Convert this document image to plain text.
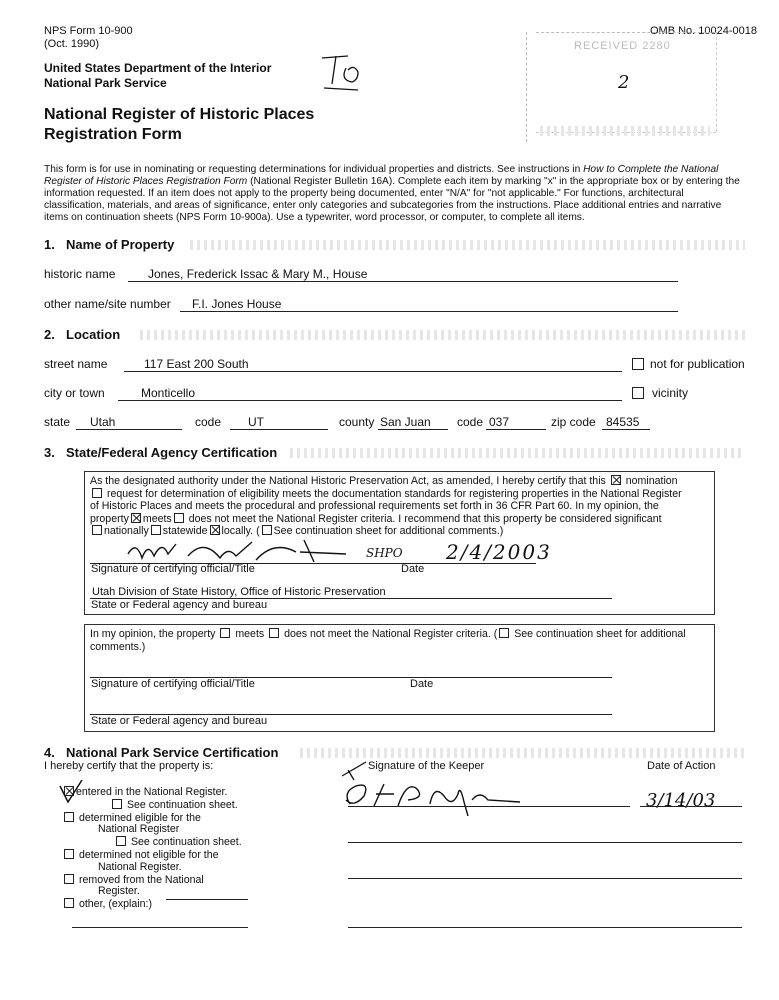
NPS Form 10-900
(Oct. 1990)
OMB No. 10024-0018
United States Department of the Interior
National Park Service
National Register of Historic Places
Registration Form
RECEIVED 2280
2
This form is for use in nominating or requesting determinations for individual properties and districts. See instructions in How to Complete the National Register of Historic Places Registration Form (National Register Bulletin 16A). Complete each item by marking "x" in the appropriate box or by entering the information requested. If an item does not apply to the property being documented, enter "N/A" for "not applicable." For functions, architectural classification, materials, and areas of significance, enter only categories and subcategories from the instructions. Place additional entries and narrative items on continuation sheets (NPS Form 10-900a). Use a typewriter, word processor, or computer, to complete all items.
1. Name of Property
historic name	Jones, Frederick Issac & Mary M., House
other name/site number F.I. Jones House
2. Location
street name	117 East 200 South	not for publication
city or town	Monticello	vicinity
state Utah	code UT	county San Juan code 037	zip code 84535
3. State/Federal Agency Certification
As the designated authority under the National Historic Preservation Act, as amended, I hereby certify that this nomination
request for determination of eligibility meets the documentation standards for registering properties in the National Register
of Historic Places and meets the procedural and professional requirements set forth in 36 CFR Part 60. In my opinion, the
property meets does not meet the National Register criteria. I recommend that this property be considered significant
nationally statewide locally. ( See continuation sheet for additional comments.)
SHPO 2/4/2003
Signature of certifying official/Title	Date
Utah Division of State History, Office of Historic Preservation
State or Federal agency and bureau
In my opinion, the property meets does not meet the National Register criteria. ( See continuation sheet for additional
comments.)
Signature of certifying official/Title	Date
State or Federal agency and bureau
4. National Park Service Certification
I hereby certify that the property is:	Signature of the Keeper	Date of Action
3/14/03
entered in the National Register.
See continuation sheet.
determined eligible for the
National Register
See continuation sheet.
determined not eligible for the
National Register.
removed from the National
Register.
other, (explain:)
